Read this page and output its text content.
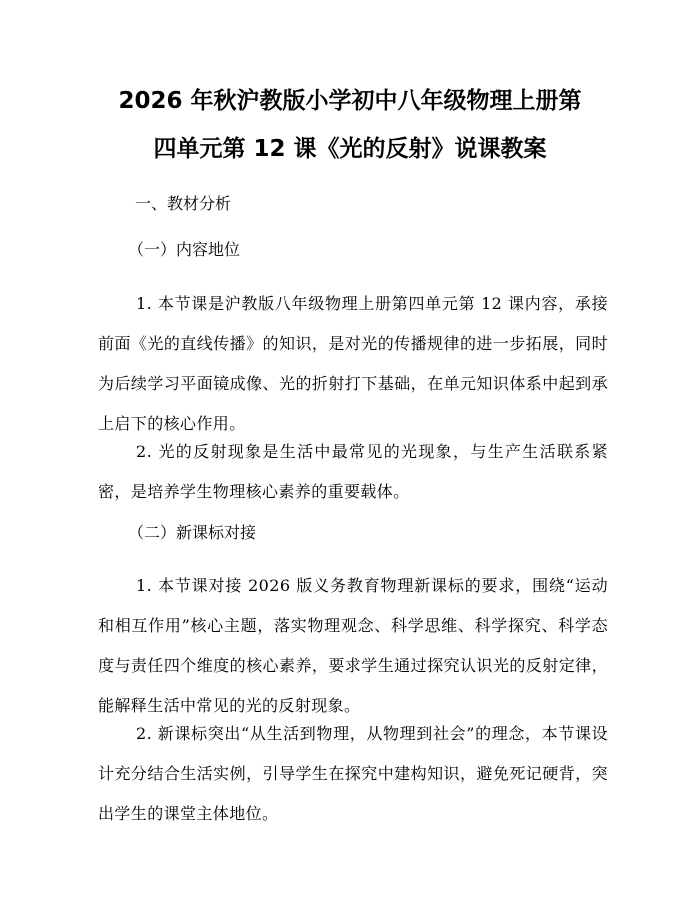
2026 年秋沪教版小学初中八年级物理上册第
四单元第 12 课《光的反射》说课教案

一、教材分析

（一）内容地位

1. 本节课是沪教版八年级物理上册第四单元第 12 课内容，承接前面《光的直线传播》的知识，是对光的传播规律的进一步拓展，同时为后续学习平面镜成像、光的折射打下基础，在单元知识体系中起到承上启下的核心作用。

2. 光的反射现象是生活中最常见的光现象，与生产生活联系紧密，是培养学生物理核心素养的重要载体。

（二）新课标对接

1. 本节课对接 2026 版义务教育物理新课标的要求，围绕“运动和相互作用”核心主题，落实物理观念、科学思维、科学探究、科学态度与责任四个维度的核心素养，要求学生通过探究认识光的反射定律，能解释生活中常见的光的反射现象。

2. 新课标突出“从生活到物理，从物理到社会”的理念，本节课设计充分结合生活实例，引导学生在探究中建构知识，避免死记硬背，突出学生的课堂主体地位。
